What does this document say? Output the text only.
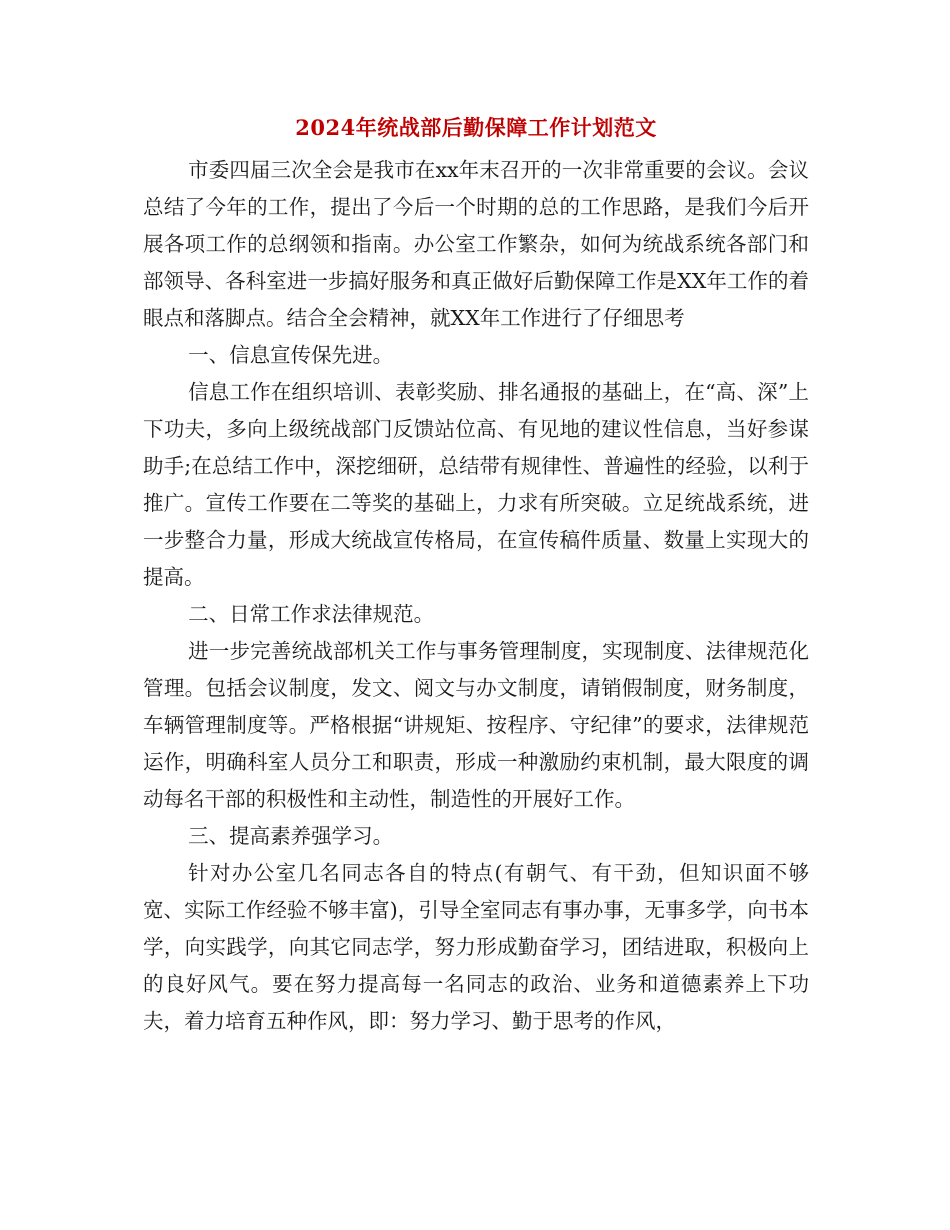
2024年统战部后勤保障工作计划范文

市委四届三次全会是我市在xx年末召开的一次非常重要的会议。会议总结了今年的工作，提出了今后一个时期的总的工作思路，是我们今后开展各项工作的总纲领和指南。办公室工作繁杂，如何为统战系统各部门和部领导、各科室进一步搞好服务和真正做好后勤保障工作是XX年工作的着眼点和落脚点。结合全会精神，就XX年工作进行了仔细思考

一、信息宣传保先进。

信息工作在组织培训、表彰奖励、排名通报的基础上，在“高、深”上下功夫，多向上级统战部门反馈站位高、有见地的建议性信息，当好参谋助手;在总结工作中，深挖细研，总结带有规律性、普遍性的经验，以利于推广。宣传工作要在二等奖的基础上，力求有所突破。立足统战系统，进一步整合力量，形成大统战宣传格局，在宣传稿件质量、数量上实现大的提高。

二、日常工作求法律规范。

进一步完善统战部机关工作与事务管理制度，实现制度、法律规范化管理。包括会议制度，发文、阅文与办文制度，请销假制度，财务制度，车辆管理制度等。严格根据“讲规矩、按程序、守纪律”的要求，法律规范运作，明确科室人员分工和职责，形成一种激励约束机制，最大限度的调动每名干部的积极性和主动性，制造性的开展好工作。

三、提高素养强学习。

针对办公室几名同志各自的特点(有朝气、有干劲，但知识面不够宽、实际工作经验不够丰富)，引导全室同志有事办事，无事多学，向书本学，向实践学，向其它同志学，努力形成勤奋学习，团结进取，积极向上的良好风气。要在努力提高每一名同志的政治、业务和道德素养上下功夫，着力培育五种作风，即：努力学习、勤于思考的作风，
